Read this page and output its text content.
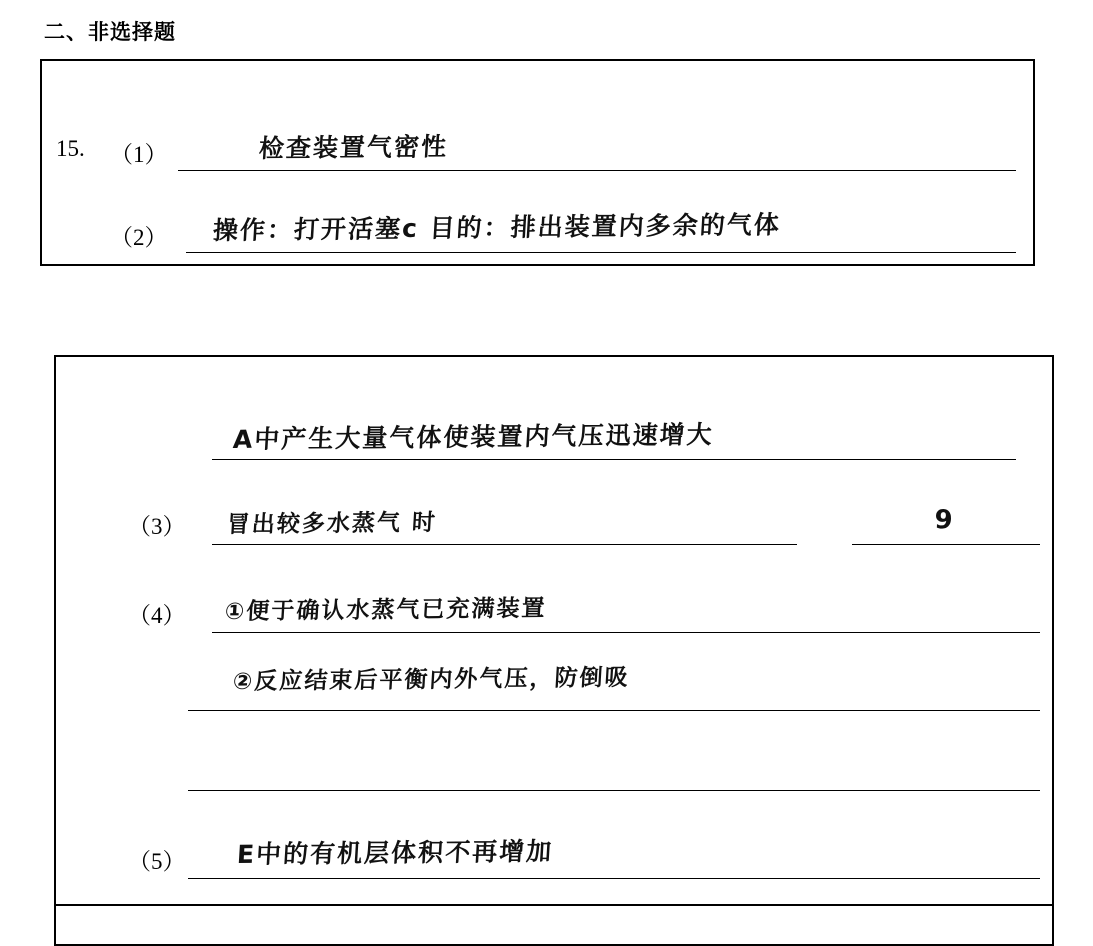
二、非选择题
15. （1）	检查装置气密性
（2） 操作：打开活塞c 目的：排出装置内多余的气体
A中产生大量气体使装置内气压迅速增大
（3） 冒出较多水蒸气 时	9
（4） ①便于确认水蒸气已充满装置
②反应结束后平衡内外气压，防倒吸
（5） E中的有机层体积不再增加
